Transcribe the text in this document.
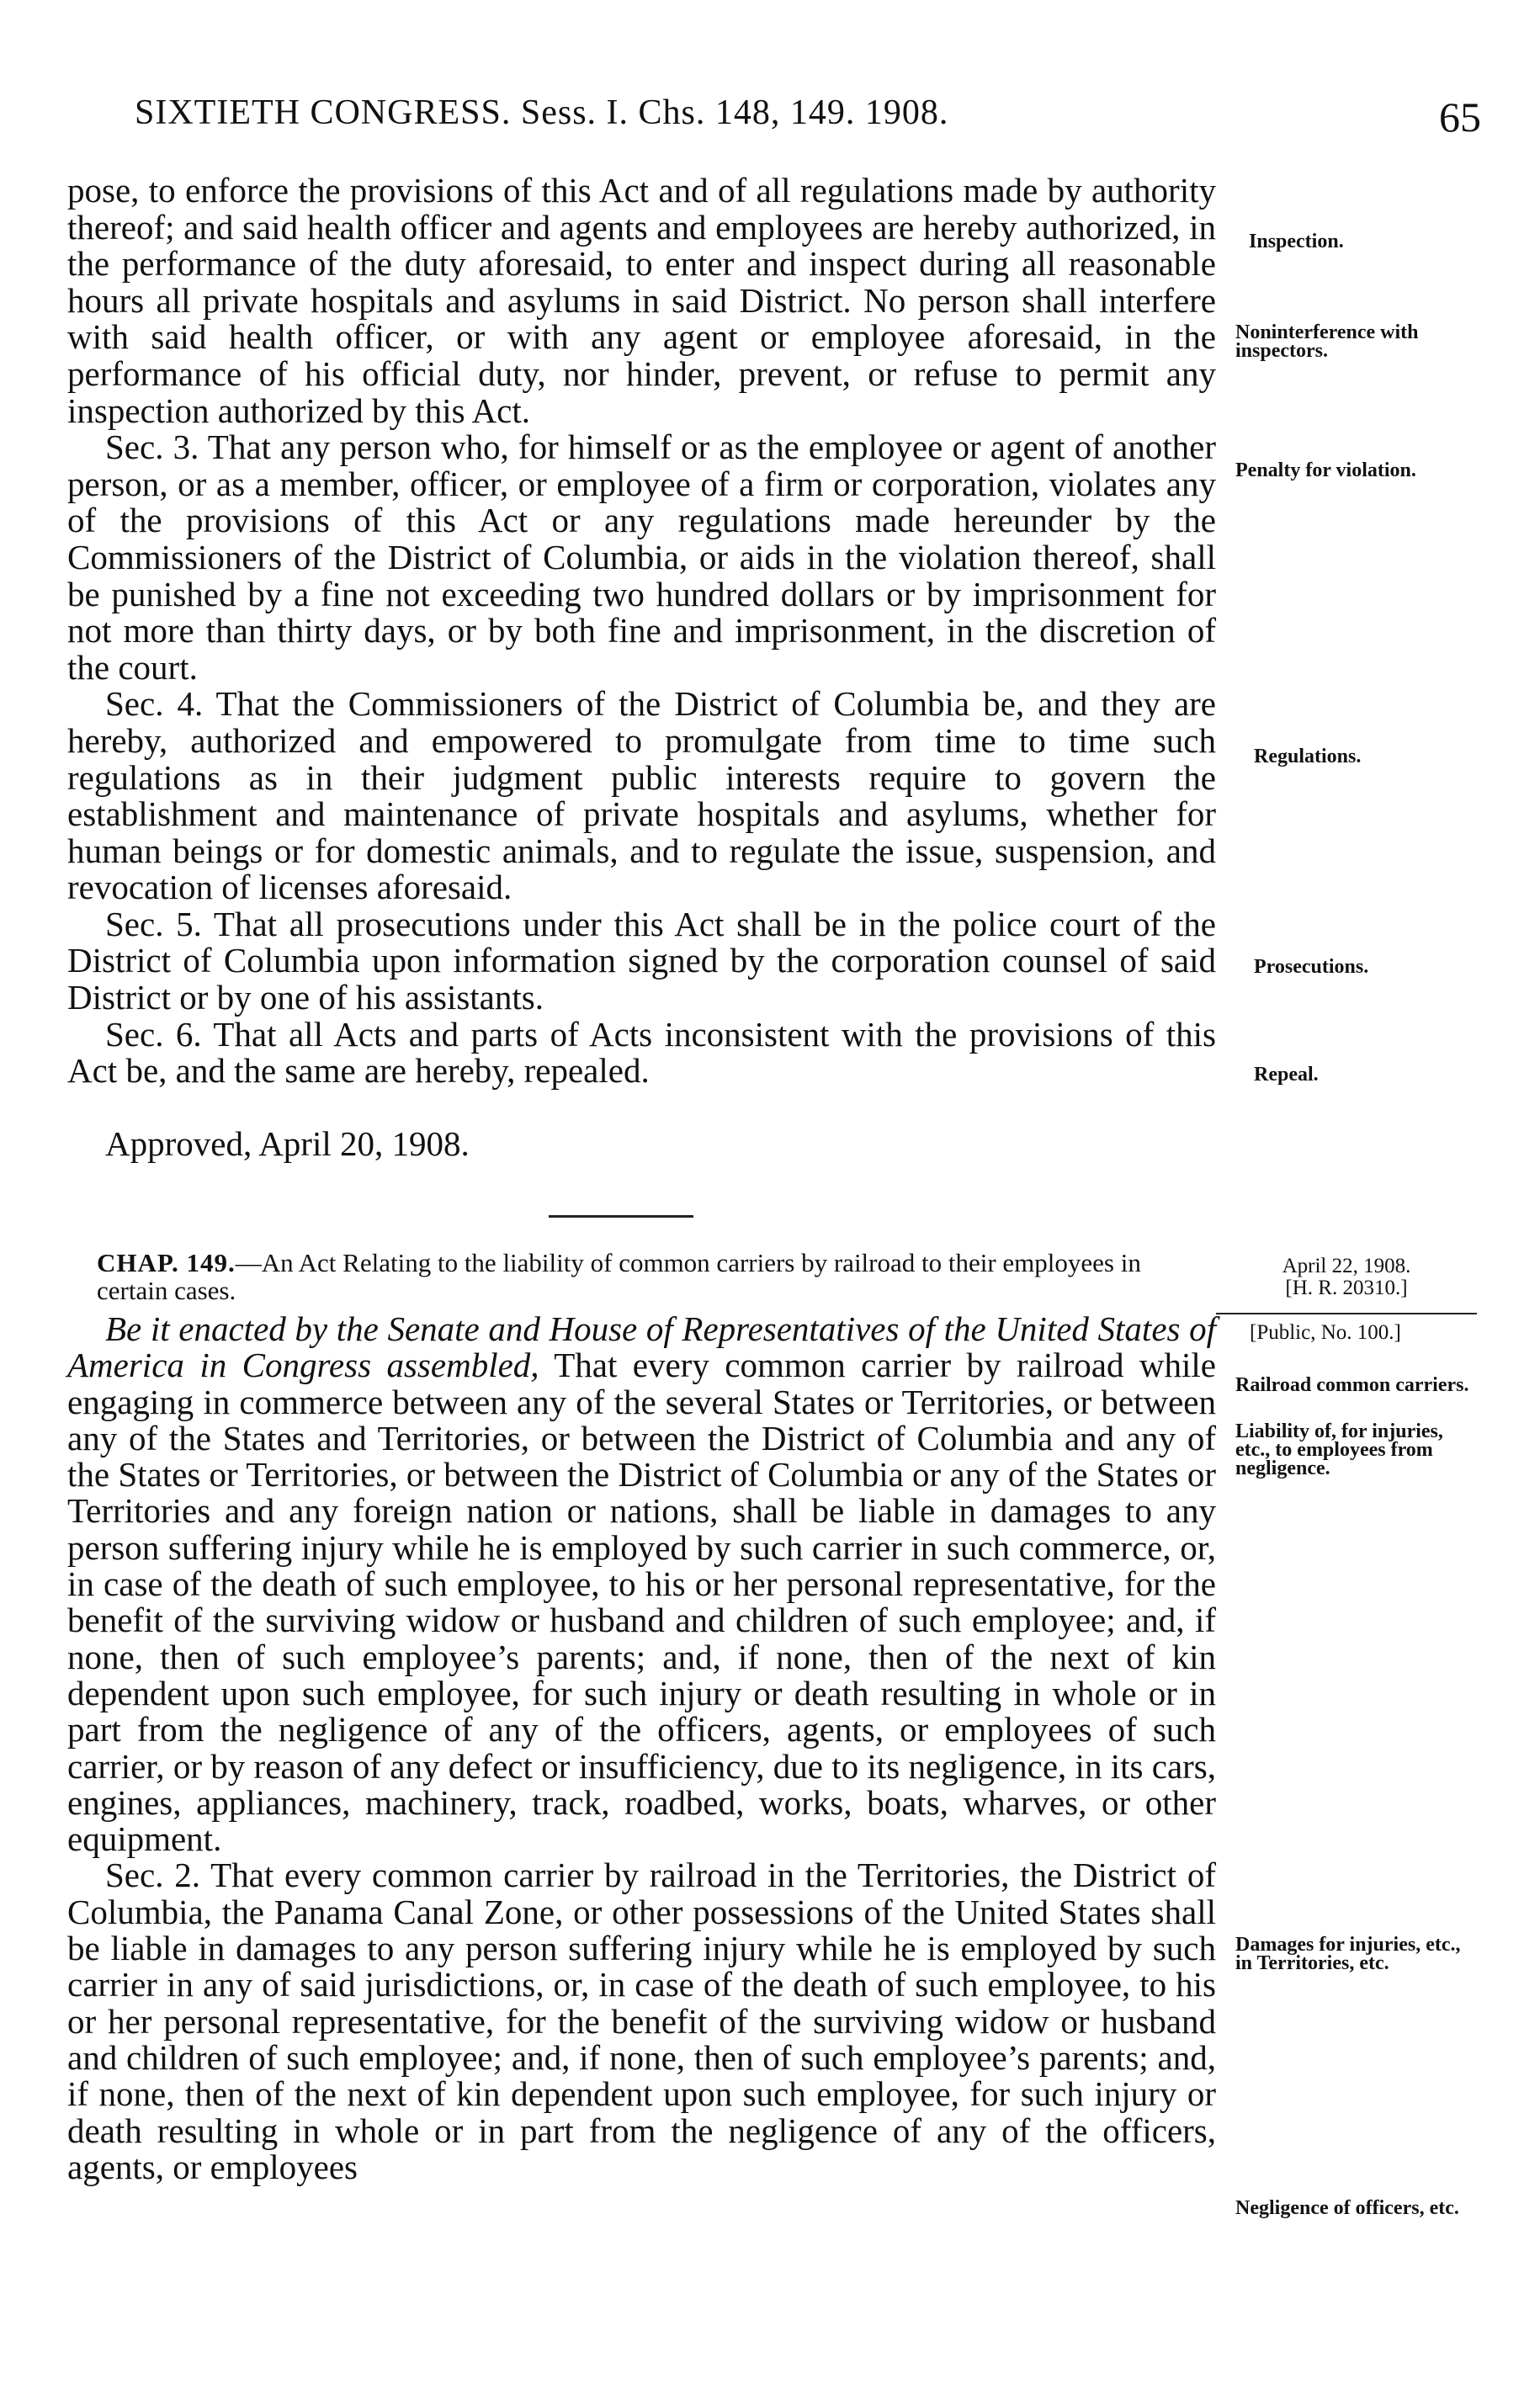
SIXTIETH CONGRESS. Sess. I. Chs. 148, 149. 1908.	65

pose, to enforce the provisions of this Act and of all regulations made by authority thereof; and said health officer and agents and employees are hereby authorized, in the performance of the duty aforesaid, to enter and inspect during all reasonable hours all private hospitals and asylums in said District. No person shall interfere with said health officer, or with any agent or employee aforesaid, in the performance of his official duty, nor hinder, prevent, or refuse to permit any inspection authorized by this Act.

Sec. 3. That any person who, for himself or as the employee or agent of another person, or as a member, officer, or employee of a firm or corporation, violates any of the provisions of this Act or any regulations made hereunder by the Commissioners of the District of Columbia, or aids in the violation thereof, shall be punished by a fine not exceeding two hundred dollars or by imprisonment for not more than thirty days, or by both fine and imprisonment, in the discretion of the court.

Sec. 4. That the Commissioners of the District of Columbia be, and they are hereby, authorized and empowered to promulgate from time to time such regulations as in their judgment public interests require to govern the establishment and maintenance of private hospitals and asylums, whether for human beings or for domestic animals, and to regulate the issue, suspension, and revocation of licenses aforesaid.

Sec. 5. That all prosecutions under this Act shall be in the police court of the District of Columbia upon information signed by the corporation counsel of said District or by one of his assistants.

Sec. 6. That all Acts and parts of Acts inconsistent with the provisions of this Act be, and the same are hereby, repealed.

Approved, April 20, 1908.
CHAP. 149.—An Act Relating to the liability of common carriers by railroad to their employees in certain cases.

Be it enacted by the Senate and House of Representatives of the United States of America in Congress assembled, That every common carrier by railroad while engaging in commerce between any of the several States or Territories, or between any of the States and Territories, or between the District of Columbia and any of the States or Territories, or between the District of Columbia or any of the States or Territories and any foreign nation or nations, shall be liable in damages to any person suffering injury while he is employed by such carrier in such commerce, or, in case of the death of such employee, to his or her personal representative, for the benefit of the surviving widow or husband and children of such employee; and, if none, then of such employee’s parents; and, if none, then of the next of kin dependent upon such employee, for such injury or death resulting in whole or in part from the negligence of any of the officers, agents, or employees of such carrier, or by reason of any defect or insufficiency, due to its negligence, in its cars, engines, appliances, machinery, track, roadbed, works, boats, wharves, or other equipment.

Sec. 2. That every common carrier by railroad in the Territories, the District of Columbia, the Panama Canal Zone, or other possessions of the United States shall be liable in damages to any person suffering injury while he is employed by such carrier in any of said jurisdictions, or, in case of the death of such employee, to his or her personal representative, for the benefit of the surviving widow or husband and children of such employee; and, if none, then of such employee’s parents; and, if none, then of the next of kin dependent upon such employee, for such injury or death resulting in whole or in part from the negligence of any of the officers, agents, or employees

Inspection.
Noninterference with inspectors.
Penalty for violation.
Regulations.
Prosecutions.
Repeal.
April 22, 1908.
[H. R. 20310.]
[Public, No. 100.]
Railroad common carriers.
Liability of, for injuries, etc., to employees from negligence.
Damages for injuries, etc., in Territories, etc.
Negligence of officers, etc.
